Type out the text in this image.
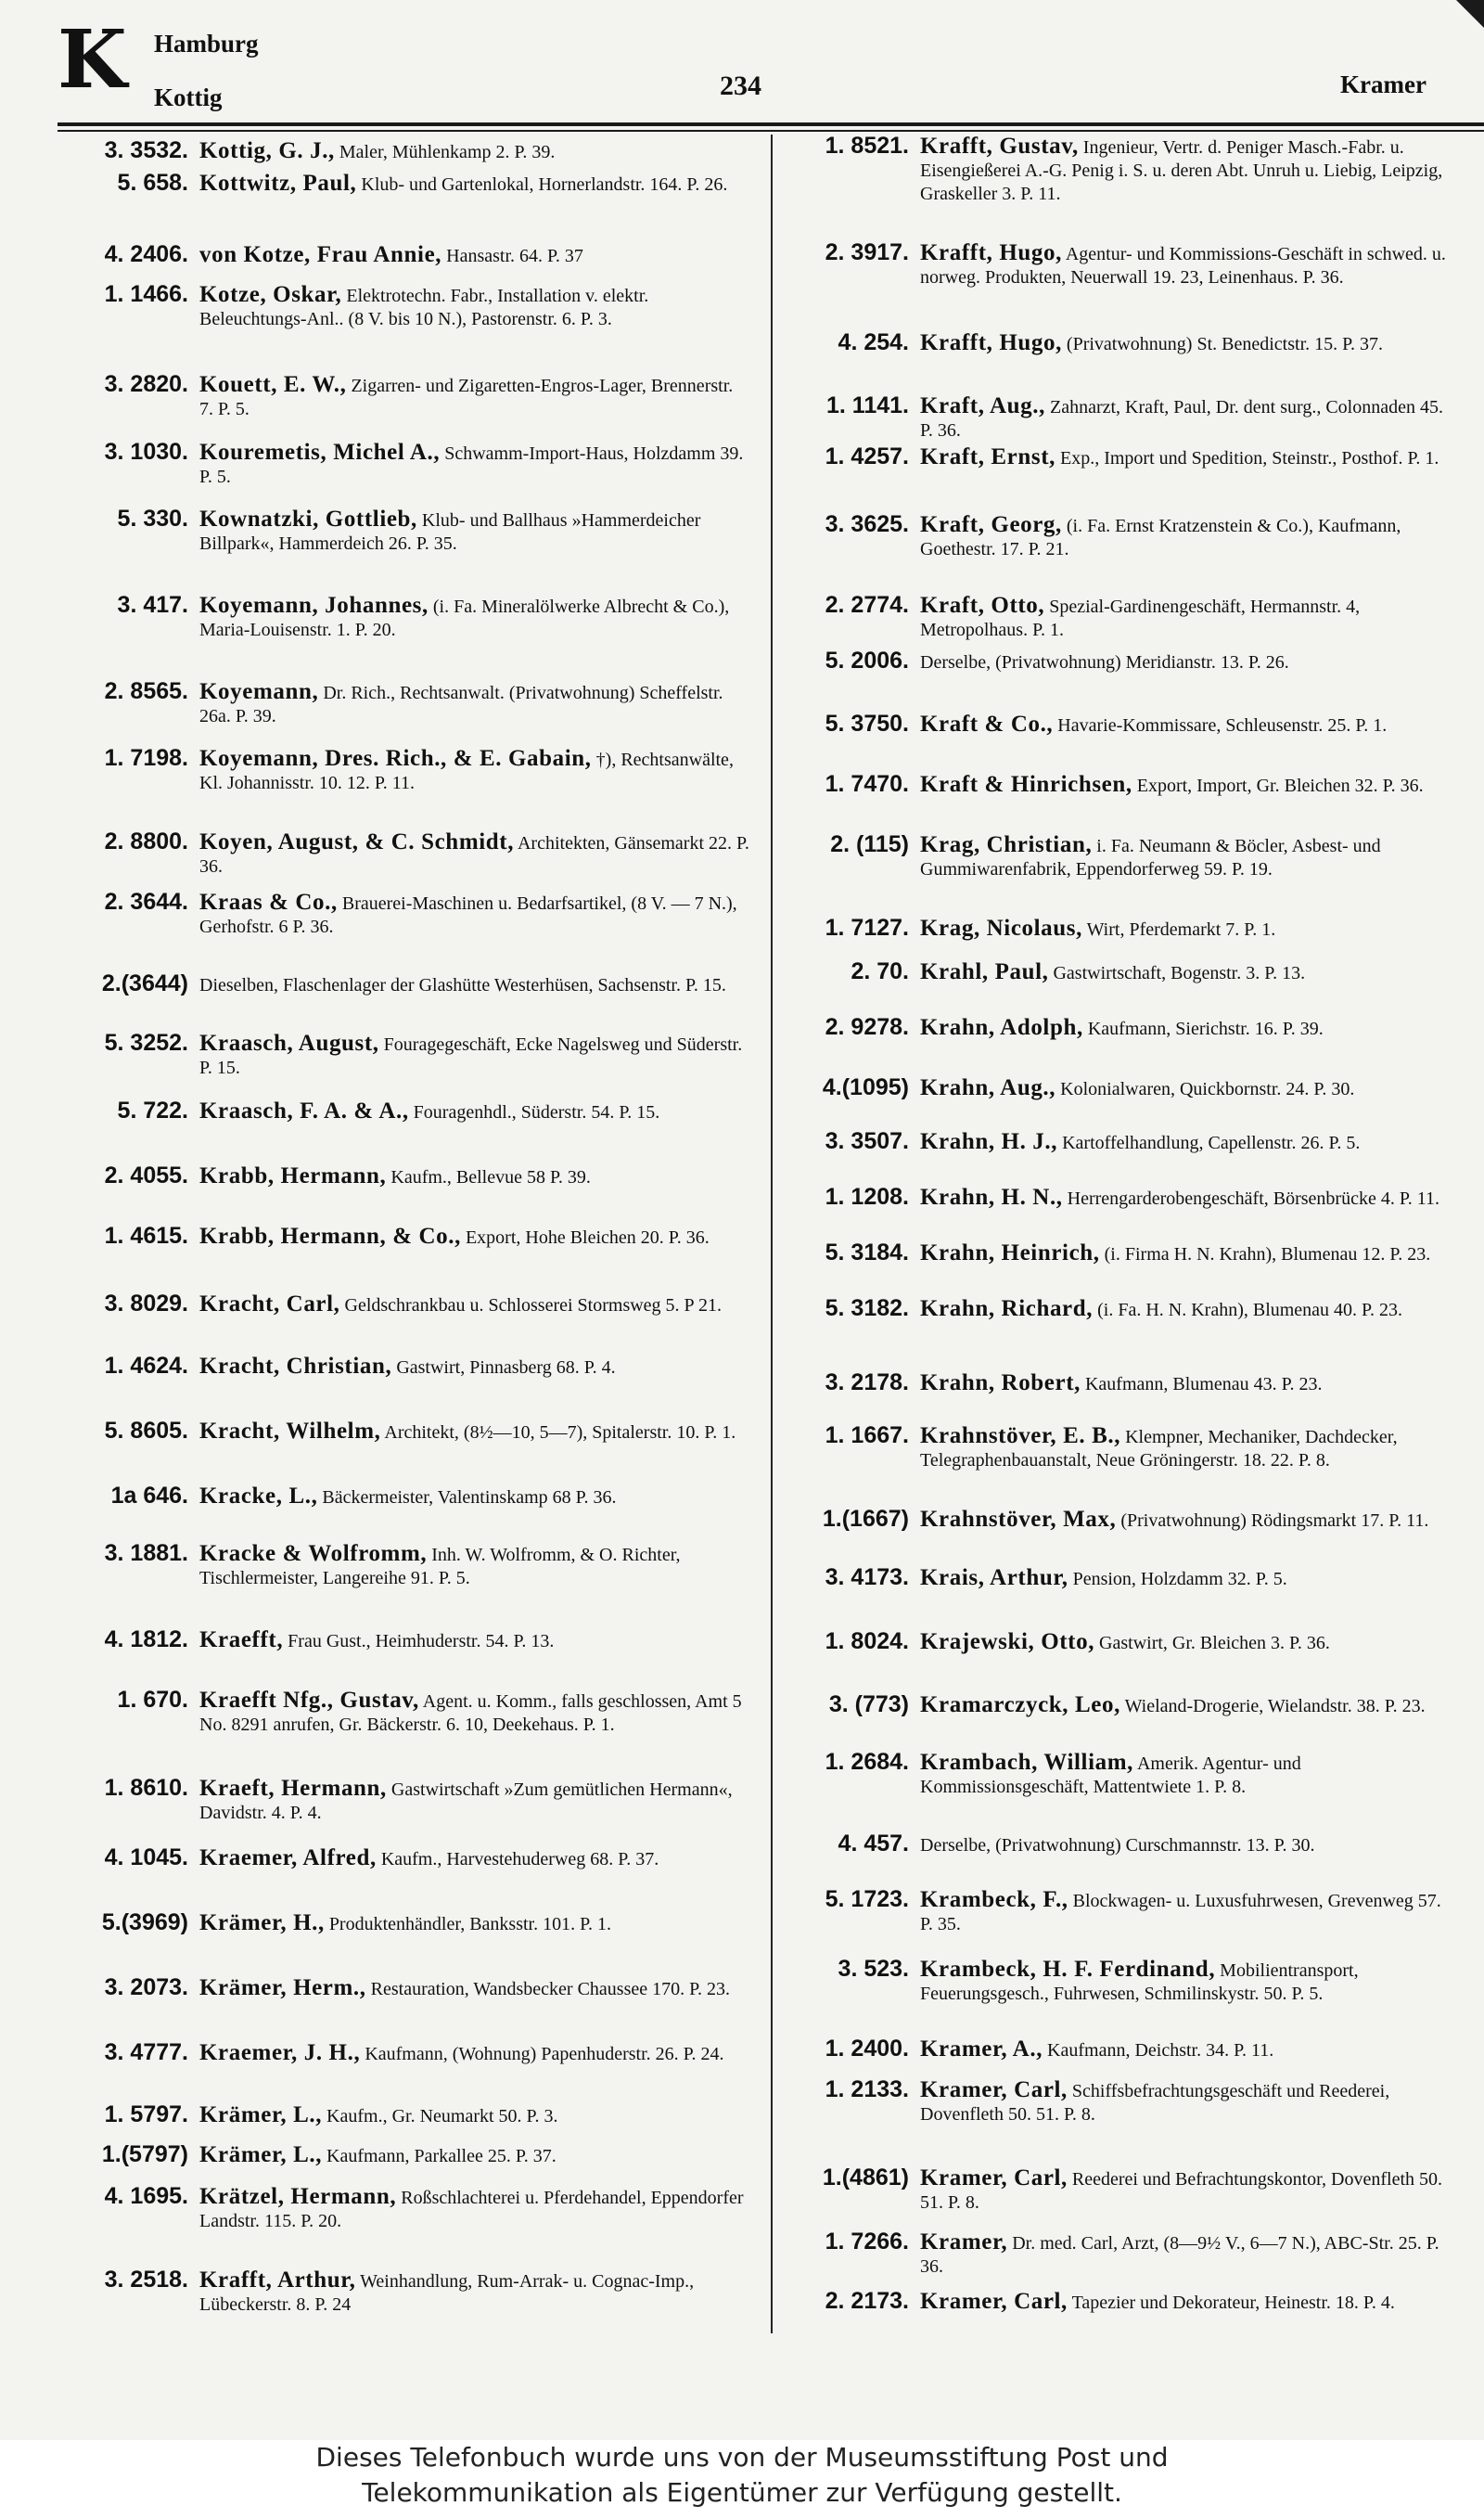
K Hamburg
Kottig	234	Kramer
3. 3532. Kottig, G. J., Maler, Mühlenkamp 2. P. 39.
5. 658. Kottwitz, Paul, Klub- und Gartenlokal, Hornerlandstr. 164. P. 26.
4. 2406. von Kotze, Frau Annie, Hansastr. 64. P. 37
1. 1466. Kotze, Oskar, Elektrotechn. Fabr., Installation v. elektr. Beleuchtungs-Anl.. (8 V. bis 10 N.), Pastorenstr. 6. P. 3.
3. 2820. Kouett, E. W., Zigarren- und Zigaretten-Engros-Lager, Brennerstr. 7. P. 5.
3. 1030. Kouremetis, Michel A., Schwamm-Import-Haus, Holzdamm 39. P. 5.
5. 330. Kownatzki, Gottlieb, Klub- und Ballhaus »Hammerdeicher Billpark«, Hammerdeich 26. P. 35.
3. 417. Koyemann, Johannes, (i. Fa. Mineralölwerke Albrecht & Co.), Maria-Louisenstr. 1. P. 20.
2. 8565. Koyemann, Dr. Rich., Rechtsanwalt. (Privatwohnung) Scheffelstr. 26a. P. 39.
1. 7198. Koyemann, Dres. Rich., & E. Gabain, †), Rechtsanwälte, Kl. Johannisstr. 10. 12. P. 11.
2. 8800. Koyen, August, & C. Schmidt, Architekten, Gänsemarkt 22. P. 36.
2. 3644. Kraas & Co., Brauerei-Maschinen u. Bedarfsartikel, (8 V. — 7 N.), Gerhofstr. 6 P. 36.
2.(3644) Dieselben, Flaschenlager der Glashütte Westerhüsen, Sachsenstr. P. 15.
5. 3252. Kraasch, August, Fouragegeschäft, Ecke Nagelsweg und Süderstr. P. 15.
5. 722. Kraasch, F. A. & A., Fouragenhdl., Süderstr. 54. P. 15.
2. 4055. Krabb, Hermann, Kaufm., Bellevue 58 P. 39.
1. 4615. Krabb, Hermann, & Co., Export, Hohe Bleichen 20. P. 36.
3. 8029. Kracht, Carl, Geldschrankbau u. Schlosserei Stormsweg 5. P 21.
1. 4624. Kracht, Christian, Gastwirt, Pinnasberg 68. P. 4.
5. 8605. Kracht, Wilhelm, Architekt, (8½—10, 5—7), Spitalerstr. 10. P. 1.
1a 646. Kracke, L., Bäckermeister, Valentinskamp 68 P. 36.
3. 1881. Kracke & Wolfromm, Inh. W. Wolfromm, & O. Richter, Tischlermeister, Langereihe 91. P. 5.
4. 1812. Kraefft, Frau Gust., Heimhuderstr. 54. P. 13.
1. 670. Kraefft Nfg., Gustav, Agent. u. Komm., falls geschlossen, Amt 5 No. 8291 anrufen, Gr. Bäckerstr. 6. 10, Deekehaus. P. 1.
1. 8610. Kraeft, Hermann, Gastwirtschaft »Zum gemütlichen Hermann«, Davidstr. 4. P. 4.
4. 1045. Kraemer, Alfred, Kaufm., Harvestehuderweg 68. P. 37.
5.(3969) Krämer, H., Produktenhändler, Banksstr. 101. P. 1.
3. 2073. Krämer, Herm., Restauration, Wandsbecker Chaussee 170. P. 23.
3. 4777. Kraemer, J. H., Kaufmann, (Wohnung) Papenhuderstr. 26. P. 24.
1. 5797. Krämer, L., Kaufm., Gr. Neumarkt 50. P. 3.
1.(5797) Krämer, L., Kaufmann, Parkallee 25. P. 37.
4. 1695. Krätzel, Hermann, Roßschlachterei u. Pferdehandel, Eppendorfer Landstr. 115. P. 20.
3. 2518. Krafft, Arthur, Weinhandlung, Rum-Arrak- u. Cognac-Imp., Lübeckerstr. 8. P. 24
1. 8521. Krafft, Gustav, Ingenieur, Vertr. d. Peniger Masch.-Fabr. u. Eisengießerei A.-G. Penig i. S. u. deren Abt. Unruh u. Liebig, Leipzig, Graskeller 3. P. 11.
2. 3917. Krafft, Hugo, Agentur- und Kommissions-Geschäft in schwed. u. norweg. Produkten, Neuerwall 19. 23, Leinenhaus. P. 36.
4. 254. Krafft, Hugo, (Privatwohnung) St. Benedictstr. 15. P. 37.
1. 1141. Kraft, Aug., Zahnarzt, Kraft, Paul, Dr. dent surg., Colonnaden 45. P. 36.
1. 4257. Kraft, Ernst, Exp., Import und Spedition, Steinstr., Posthof. P. 1.
3. 3625. Kraft, Georg, (i. Fa. Ernst Kratzenstein & Co.), Kaufmann, Goethestr. 17. P. 21.
2. 2774. Kraft, Otto, Spezial-Gardinengeschäft, Hermannstr. 4, Metropolhaus. P. 1.
5. 2006. Derselbe, (Privatwohnung) Meridianstr. 13. P. 26.
5. 3750. Kraft & Co., Havarie-Kommissare, Schleusenstr. 25. P. 1.
1. 7470. Kraft & Hinrichsen, Export, Import, Gr. Bleichen 32. P. 36.
2. (115) Krag, Christian, i. Fa. Neumann & Böcler, Asbest- und Gummiwarenfabrik, Eppendorferweg 59. P. 19.
1. 7127. Krag, Nicolaus, Wirt, Pferdemarkt 7. P. 1.
2. 70. Krahl, Paul, Gastwirtschaft, Bogenstr. 3. P. 13.
2. 9278. Krahn, Adolph, Kaufmann, Sierichstr. 16. P. 39.
4.(1095) Krahn, Aug., Kolonialwaren, Quickbornstr. 24. P. 30.
3. 3507. Krahn, H. J., Kartoffelhandlung, Capellenstr. 26. P. 5.
1. 1208. Krahn, H. N., Herrengarderobengeschäft, Börsenbrücke 4. P. 11.
5. 3184. Krahn, Heinrich, (i. Firma H. N. Krahn), Blumenau 12. P. 23.
5. 3182. Krahn, Richard, (i. Fa. H. N. Krahn), Blumenau 40. P. 23.
3. 2178. Krahn, Robert, Kaufmann, Blumenau 43. P. 23.
1. 1667. Krahnstöver, E. B., Klempner, Mechaniker, Dachdecker, Telegraphenbauanstalt, Neue Gröningerstr. 18. 22. P. 8.
1.(1667) Krahnstöver, Max, (Privatwohnung) Rödingsmarkt 17. P. 11.
3. 4173. Krais, Arthur, Pension, Holzdamm 32. P. 5.
1. 8024. Krajewski, Otto, Gastwirt, Gr. Bleichen 3. P. 36.
3. (773) Kramarczyck, Leo, Wieland-Drogerie, Wielandstr. 38. P. 23.
1. 2684. Krambach, William, Amerik. Agentur- und Kommissionsgeschäft, Mattentwiete 1. P. 8.
4. 457. Derselbe, (Privatwohnung) Curschmannstr. 13. P. 30.
5. 1723. Krambeck, F., Blockwagen- u. Luxusfuhrwesen, Grevenweg 57. P. 35.
3. 523. Krambeck, H. F. Ferdinand, Mobilientransport, Feuerungsgesch., Fuhrwesen, Schmilinskystr. 50. P. 5.
1. 2400. Kramer, A., Kaufmann, Deichstr. 34. P. 11.
1. 2133. Kramer, Carl, Schiffsbefrachtungsgeschäft und Reederei, Dovenfleth 50. 51. P. 8.
1.(4861) Kramer, Carl, Reederei und Befrachtungskontor, Dovenfleth 50. 51. P. 8.
1. 7266. Kramer, Dr. med. Carl, Arzt, (8—9½ V., 6—7 N.), ABC-Str. 25. P. 36.
2. 2173. Kramer, Carl, Tapezier und Dekorateur, Heinestr. 18. P. 4.
Dieses Telefonbuch wurde uns von der Museumsstiftung Post und
Telekommunikation als Eigentümer zur Verfügung gestellt.
